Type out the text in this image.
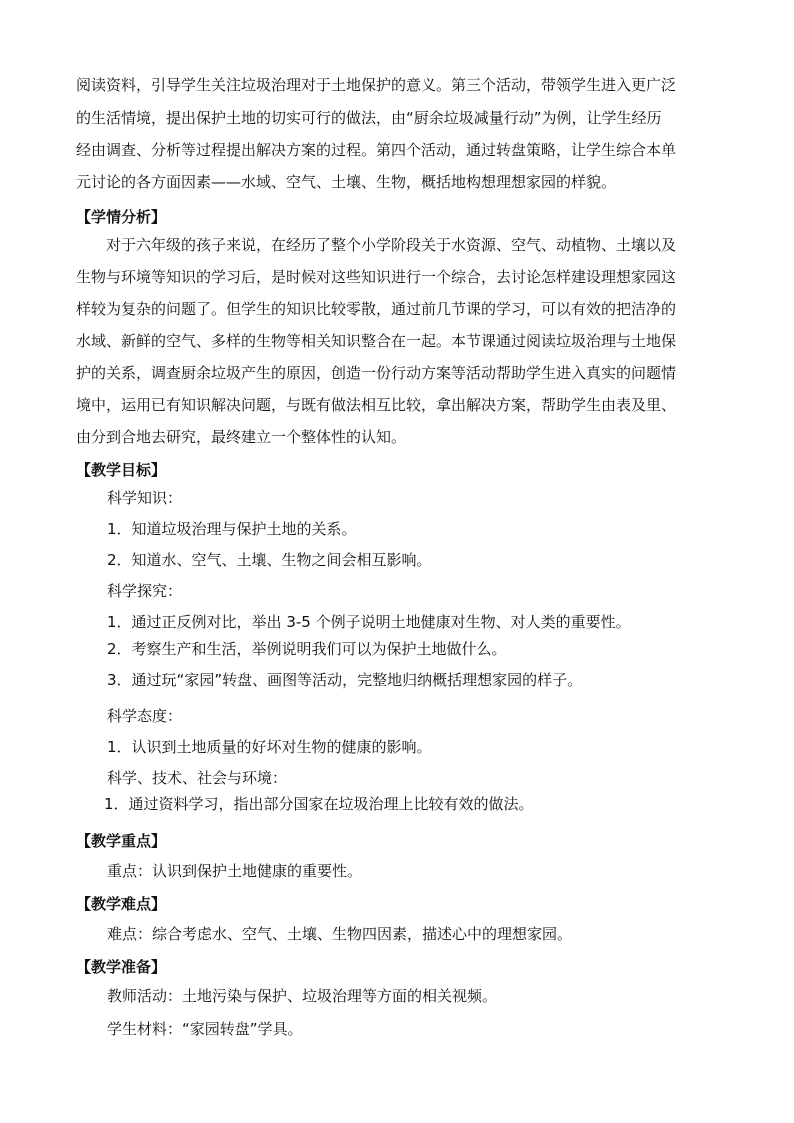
阅读资料，引导学生关注垃圾治理对于土地保护的意义。第三个活动，带领学生进入更广泛
的生活情境，提出保护土地的切实可行的做法，由“厨余垃圾减量行动”为例，让学生经历
经由调查、分析等过程提出解决方案的过程。第四个活动，通过转盘策略，让学生综合本单
元讨论的各方面因素——水域、空气、土壤、生物，概括地构想理想家园的样貌。
【学情分析】
对于六年级的孩子来说，在经历了整个小学阶段关于水资源、空气、动植物、土壤以及
生物与环境等知识的学习后，是时候对这些知识进行一个综合，去讨论怎样建设理想家园这
样较为复杂的问题了。但学生的知识比较零散，通过前几节课的学习，可以有效的把洁净的
水域、新鲜的空气、多样的生物等相关知识整合在一起。本节课通过阅读垃圾治理与土地保
护的关系，调查厨余垃圾产生的原因，创造一份行动方案等活动帮助学生进入真实的问题情
境中，运用已有知识解决问题，与既有做法相互比较，拿出解决方案，帮助学生由表及里、
由分到合地去研究，最终建立一个整体性的认知。
【教学目标】
科学知识：
1．知道垃圾治理与保护土地的关系。
2．知道水、空气、土壤、生物之间会相互影响。
科学探究：
1．通过正反例对比，举出 3-5 个例子说明土地健康对生物、对人类的重要性。
2．考察生产和生活，举例说明我们可以为保护土地做什么。
3．通过玩“家园”转盘、画图等活动，完整地归纳概括理想家园的样子。
科学态度：
1．认识到土地质量的好坏对生物的健康的影响。
科学、技术、社会与环境：
1．通过资料学习，指出部分国家在垃圾治理上比较有效的做法。
【教学重点】
重点：认识到保护土地健康的重要性。
【教学难点】
难点：综合考虑水、空气、土壤、生物四因素，描述心中的理想家园。
【教学准备】
教师活动：土地污染与保护、垃圾治理等方面的相关视频。
学生材料：“家园转盘”学具。
